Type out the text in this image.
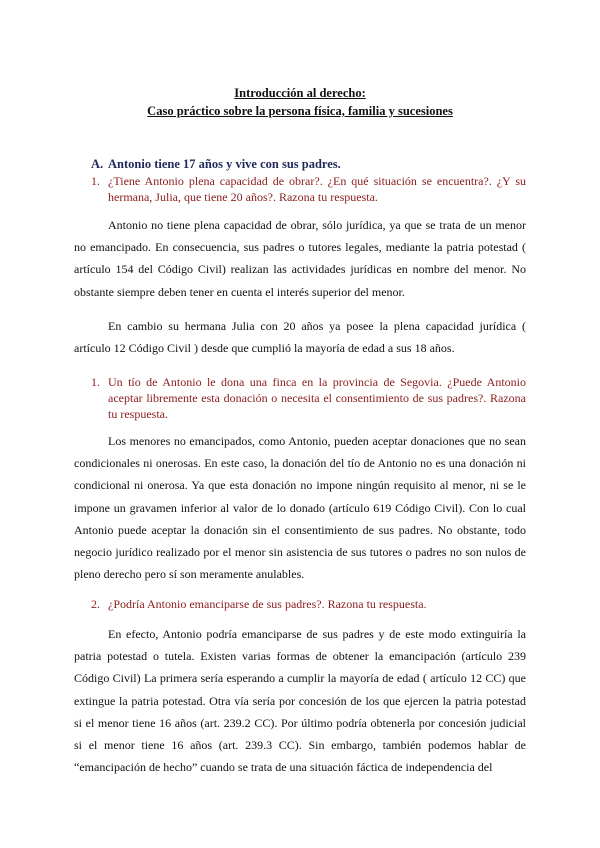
Introducción al derecho:
Caso práctico sobre la persona física, familia y sucesiones
A. Antonio tiene 17 años y vive con sus padres.
1. ¿Tiene Antonio plena capacidad de obrar?. ¿En qué situación se encuentra?. ¿Y su hermana, Julia, que tiene 20 años?. Razona tu respuesta.
Antonio no tiene plena capacidad de obrar, sólo jurídica, ya que se trata de un menor no emancipado. En consecuencia, sus padres o tutores legales, mediante la patria potestad ( artículo 154 del Código Civil) realizan las actividades jurídicas en nombre del menor. No obstante siempre deben tener en cuenta el interés superior del menor.
En cambio su hermana Julia con 20 años ya posee la plena capacidad jurídica ( artículo 12 Código Civil ) desde que cumplió la mayoría de edad a sus 18 años.
1. Un tío de Antonio le dona una finca en la provincia de Segovia. ¿Puede Antonio aceptar libremente esta donación o necesita el consentimiento de sus padres?. Razona tu respuesta.
Los menores no emancipados, como Antonio, pueden aceptar donaciones que no sean condicionales ni onerosas. En este caso, la donación del tío de Antonio no es una donación ni condicional ni onerosa. Ya que esta donación no impone ningún requisito al menor, ni se le impone un gravamen inferior al valor de lo donado (artículo 619 Código Civil). Con lo cual Antonio puede aceptar la donación sin el consentimiento de sus padres. No obstante, todo negocio jurídico realizado por el menor sin asistencia de sus tutores o padres no son nulos de pleno derecho pero sí son meramente anulables.
2. ¿Podría Antonio emanciparse de sus padres?. Razona tu respuesta.
En efecto, Antonio podría emanciparse de sus padres y de este modo extinguiría la patria potestad o tutela. Existen varias formas de obtener la emancipación (artículo 239 Código Civil) La primera sería esperando a cumplir la mayoría de edad ( artículo 12 CC) que extingue la patria potestad. Otra vía sería por concesión de los que ejercen la patria potestad si el menor tiene 16 años (art. 239.2 CC). Por último podría obtenerla por concesión judicial si el menor tiene 16 años (art. 239.3 CC). Sin embargo, también podemos hablar de “emancipación de hecho” cuando se trata de una situación fáctica de independencia del
